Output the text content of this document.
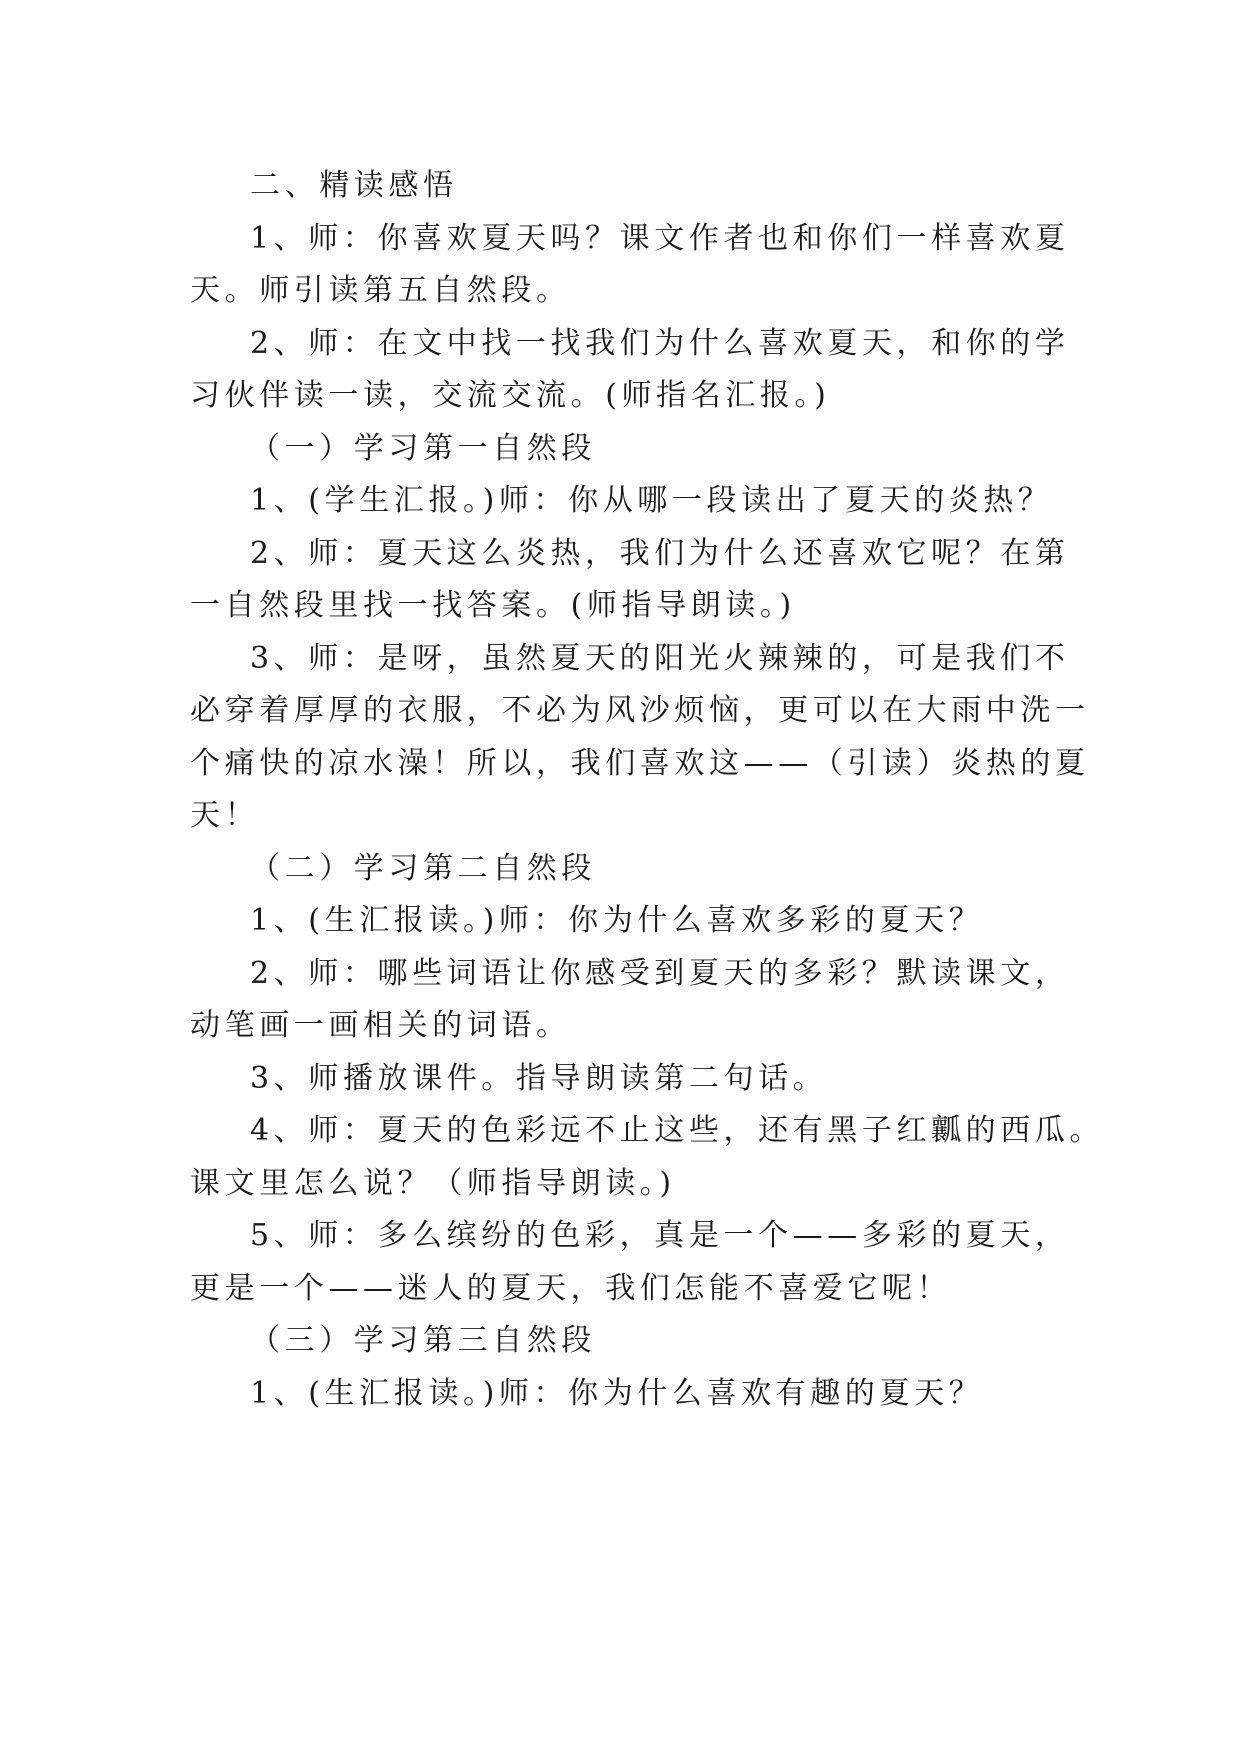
二、精读感悟

1、师：你喜欢夏天吗？课文作者也和你们一样喜欢夏
天。师引读第五自然段。

2、师：在文中找一找我们为什么喜欢夏天，和你的学
习伙伴读一读，交流交流。(师指名汇报。)

（一）学习第一自然段

1、(学生汇报。)师：你从哪一段读出了夏天的炎热？

2、师：夏天这么炎热，我们为什么还喜欢它呢？在第
一自然段里找一找答案。(师指导朗读。)

3、师：是呀，虽然夏天的阳光火辣辣的，可是我们不
必穿着厚厚的衣服，不必为风沙烦恼，更可以在大雨中洗一
个痛快的凉水澡！所以，我们喜欢这——（引读）炎热的夏
天！

（二）学习第二自然段

1、(生汇报读。)师：你为什么喜欢多彩的夏天？

2、师：哪些词语让你感受到夏天的多彩？默读课文，
动笔画一画相关的词语。

3、师播放课件。指导朗读第二句话。

4、师：夏天的色彩远不止这些，还有黑子红瓤的西瓜。
课文里怎么说？（师指导朗读。)

5、师：多么缤纷的色彩，真是一个——多彩的夏天，
更是一个——迷人的夏天，我们怎能不喜爱它呢！

（三）学习第三自然段

1、(生汇报读。)师：你为什么喜欢有趣的夏天？
